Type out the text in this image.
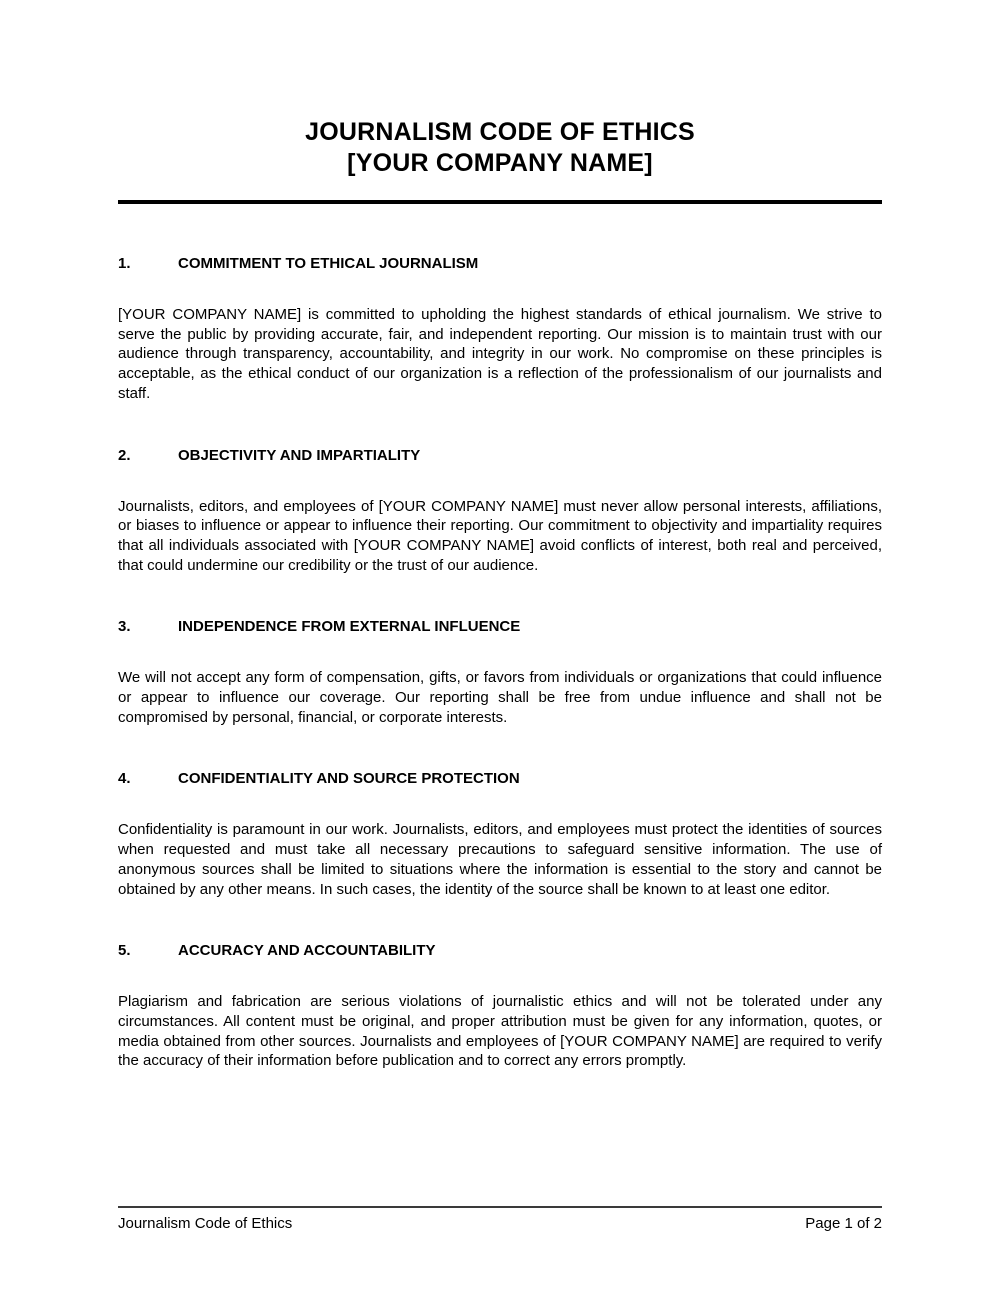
JOURNALISM CODE OF ETHICS
[YOUR COMPANY NAME]
1.	COMMITMENT TO ETHICAL JOURNALISM

[YOUR COMPANY NAME] is committed to upholding the highest standards of ethical journalism. We strive to serve the public by providing accurate, fair, and independent reporting. Our mission is to maintain trust with our audience through transparency, accountability, and integrity in our work. No compromise on these principles is acceptable, as the ethical conduct of our organization is a reflection of the professionalism of our journalists and staff.

2.	OBJECTIVITY AND IMPARTIALITY

Journalists, editors, and employees of [YOUR COMPANY NAME] must never allow personal interests, affiliations, or biases to influence or appear to influence their reporting. Our commitment to objectivity and impartiality requires that all individuals associated with [YOUR COMPANY NAME] avoid conflicts of interest, both real and perceived, that could undermine our credibility or the trust of our audience.

3.	INDEPENDENCE FROM EXTERNAL INFLUENCE

We will not accept any form of compensation, gifts, or favors from individuals or organizations that could influence or appear to influence our coverage. Our reporting shall be free from undue influence and shall not be compromised by personal, financial, or corporate interests.

4.	CONFIDENTIALITY AND SOURCE PROTECTION

Confidentiality is paramount in our work. Journalists, editors, and employees must protect the identities of sources when requested and must take all necessary precautions to safeguard sensitive information. The use of anonymous sources shall be limited to situations where the information is essential to the story and cannot be obtained by any other means. In such cases, the identity of the source shall be known to at least one editor.

5.	ACCURACY AND ACCOUNTABILITY

Plagiarism and fabrication are serious violations of journalistic ethics and will not be tolerated under any circumstances. All content must be original, and proper attribution must be given for any information, quotes, or media obtained from other sources. Journalists and employees of [YOUR COMPANY NAME] are required to verify the accuracy of their information before publication and to correct any errors promptly.

Journalism Code of Ethics	Page 1 of 2
